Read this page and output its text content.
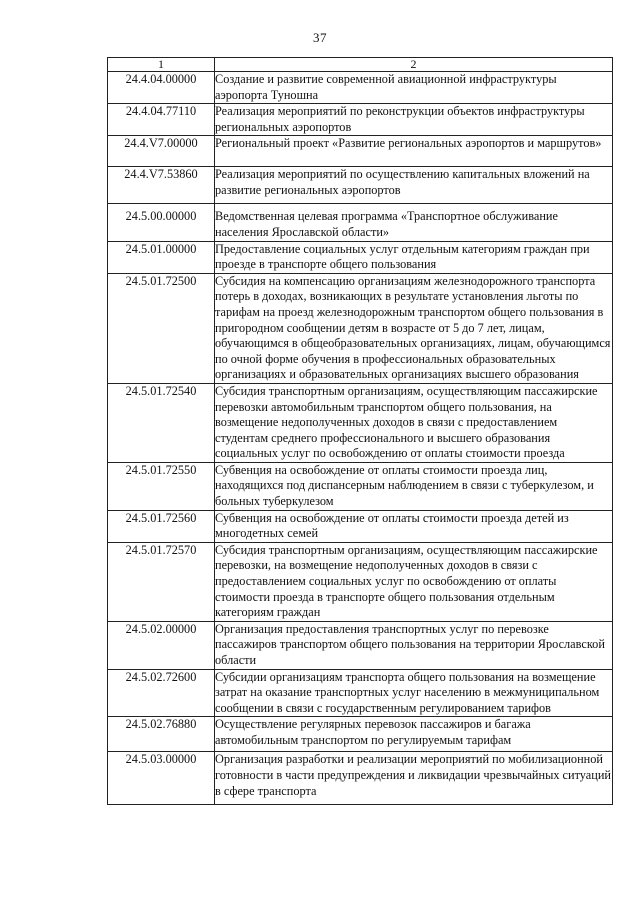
37
1	2
24.4.04.00000	Создание и развитие современной авиационной инфраструктуры аэропорта Туношна
24.4.04.77110	Реализация мероприятий по реконструкции объектов инфраструктуры региональных аэропортов
24.4.V7.00000	Региональный проект «Развитие региональных аэропортов и маршрутов»
24.4.V7.53860	Реализация мероприятий по осуществлению капитальных вложений на развитие региональных аэропортов
24.5.00.00000	Ведомственная целевая программа «Транспортное обслуживание населения Ярославской области»
24.5.01.00000	Предоставление социальных услуг отдельным категориям граждан при проезде в транспорте общего пользования
24.5.01.72500	Субсидия на компенсацию организациям железнодорожного транспорта потерь в доходах, возникающих в результате установления льготы по тарифам на проезд железнодорожным транспортом общего пользования в пригородном сообщении детям в возрасте от 5 до 7 лет, лицам, обучающимся в общеобразовательных организациях, лицам, обучающимся по очной форме обучения в профессиональных образовательных организациях и образовательных организациях высшего образования
24.5.01.72540	Субсидия транспортным организациям, осуществляющим пассажирские перевозки автомобильным транспортом общего пользования, на возмещение недополученных доходов в связи с предоставлением студентам среднего профессионального и высшего образования социальных услуг по освобождению от оплаты стоимости проезда
24.5.01.72550	Субвенция на освобождение от оплаты стоимости проезда лиц, находящихся под диспансерным наблюдением в связи с туберкулезом, и больных туберкулезом
24.5.01.72560	Субвенция на освобождение от оплаты стоимости проезда детей из многодетных семей
24.5.01.72570	Субсидия транспортным организациям, осуществляющим пассажирские перевозки, на возмещение недополученных доходов в связи с предоставлением социальных услуг по освобождению от оплаты стоимости проезда в транспорте общего пользования отдельным категориям граждан
24.5.02.00000	Организация предоставления транспортных услуг по перевозке пассажиров транспортом общего пользования на территории Ярославской области
24.5.02.72600	Субсидии организациям транспорта общего пользования на возмещение затрат на оказание транспортных услуг населению в межмуниципальном сообщении в связи с государственным регулированием тарифов
24.5.02.76880	Осуществление регулярных перевозок пассажиров и багажа автомобильным транспортом по регулируемым тарифам
24.5.03.00000	Организация разработки и реализации мероприятий по мобилизационной готовности в части предупреждения и ликвидации чрезвычайных ситуаций в сфере транспорта
